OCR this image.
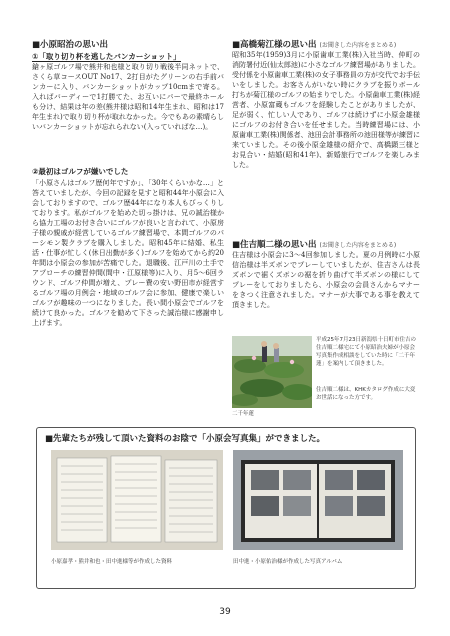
■小原昭治の思い出
①「取り切り杯を逃したバンカーショット」
鎗ヶ原ゴルフ場で熊井和也様と取り切り戦後半同ネットで、さくら草コースOUT No17、2打目がたグリーンの右手前バンカーに入り、バンカーショットがカップ10cmまで寄る。入ればバーディーで1打勝てた、お互いにパーで最終ホールも分け、結果は年の差(熊井様は昭和14年生まれ、昭和は17年生まれ)で取り切り杯が取れなかった。今でもあの素晴らしいバンカーショットが忘れられない(入っていればな…)。
②最初はゴルフが嫌いでした
「小原さんはゴルフ歴何年ですか」、「30年くらいかな…」と答えていましたが、今回の記録を見すと昭和44年小原会に入会しておりますので、ゴルフ歴44年になり本人もびっくりしております。私がゴルフを始めた切っ掛けは、兄の誠治様から協力工場のお付き合いにゴルフが良いと言われて、小原房子様の親戚が経営しているゴルフ練習場で、本間ゴルフのパーシモン製クラブを購入しました。昭和45年に結婚、私生活・仕事が忙しく(休日出勤が多く)ゴルフを始めてから約20年間は小原会の参加が苦痛でした。退職後、江戸川の土手でアプローチの練習仲間(間中・江原様等)に入り、月5～6回ラウンド、ゴルフ仲間が増え、プレー費の安い野田市が経営するゴルフ場の月例会・地域のゴルフ会に参加、健康で楽しいゴルフが趣味の一つになりました。長い間小原会でゴルフを続けて良かった。ゴルフを勧めて下さった誠治様に感謝申し上げます。
■高橋菊江様の思い出 (お聞きした内容をまとめる)
昭和35年(1959)3月に小原歯車工業(株)入社当時、仲町の消防署付近(仙太郎池)に小さなゴルフ練習場がありました。受付係を小原歯車工業(株)の女子事務員の方が交代でお手伝いをしました。お客さんがいない時にクラブを振りボール打ちが菊江様のゴルフの始まりでした。小原歯車工業(株)経営者、小原富蔵もゴルフを経験したことがありましたが、足が弱く、忙しい人であり、ゴルフは続けずに小原金雄様にゴルフのお付き合いを任せました。当時練習場には、小原歯車工業(株)関係者、池田会計事務所の池田様等が練習に来ていました。その後小原金雄様の紹介で、高橋顕三様とお見合い・結婚(昭和41年)、新婚旅行でゴルフを楽しみました。
■住吉順二様の思い出 (お聞きした内容をまとめる)
住吉様は小原会に3～4回参加しました。夏の月例時に小原信治様は半ズボンでプレーしていましたが、住吉さんは長ズボンで裾くズボンの裾を折り曲げて半ズボンの様にしてプレーをしておりましたら、小原会の会員さんからマナーをきつく注意されました。マナーが大事である事を教えて頂きました。
二千年蓮
平成25年7月23日新潟県十日町市住吉の住吉順二様宅にて小原昭治夫婦が小原会写真集作成相談をしていた時に「二千年蓮」を案内して頂きました。
住吉順二様は、KHKカタログ作成に大変お世話になった方です。
■先輩たちが残して頂いた資料のお陰で「小原会写真集」ができました。
小原嘉孝・熊井和也・田中進様等が作成した資料	田中進・小原佑治様が作成した写真アルバム
39
